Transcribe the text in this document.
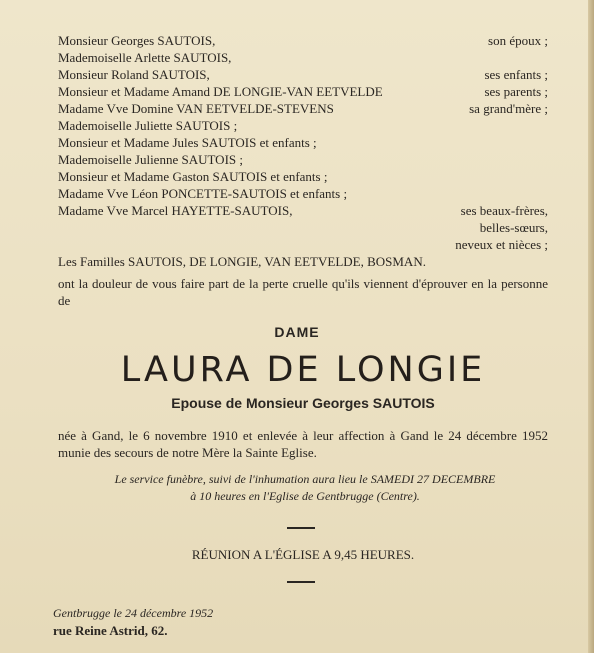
Monsieur Georges SAUTOIS,	son époux ;
Mademoiselle Arlette SAUTOIS,
Monsieur Roland SAUTOIS,	ses enfants ;
Monsieur et Madame Amand DE LONGIE-VAN EETVELDE	ses parents ;
Madame Vve Domine VAN EETVELDE-STEVENS	sa grand'mère ;
Mademoiselle Juliette SAUTOIS ;
Monsieur et Madame Jules SAUTOIS et enfants ;
Mademoiselle Julienne SAUTOIS ;
Monsieur et Madame Gaston SAUTOIS et enfants ;
Madame Vve Léon PONCETTE-SAUTOIS et enfants ;
Madame Vve Marcel HAYETTE-SAUTOIS,	ses beaux-frères,
belles-sœurs,
neveux et nièces ;
Les Familles SAUTOIS, DE LONGIE, VAN EETVELDE, BOSMAN.
ont la douleur de vous faire part de la perte cruelle qu'ils viennent d'éprouver en la personne de
DAME
LAURA DE LONGIE
Epouse de Monsieur Georges SAUTOIS
née à Gand, le 6 novembre 1910 et enlevée à leur affection à Gand le 24 décembre 1952 munie des secours de notre Mère la Sainte Eglise.
Le service funèbre, suivi de l'inhumation aura lieu le SAMEDI 27 DECEMBRE
à 10 heures en l'Eglise de Gentbrugge (Centre).
RÉUNION A L'ÉGLISE A 9,45 HEURES.
Gentbrugge le 24 décembre 1952
rue Reine Astrid, 62.
